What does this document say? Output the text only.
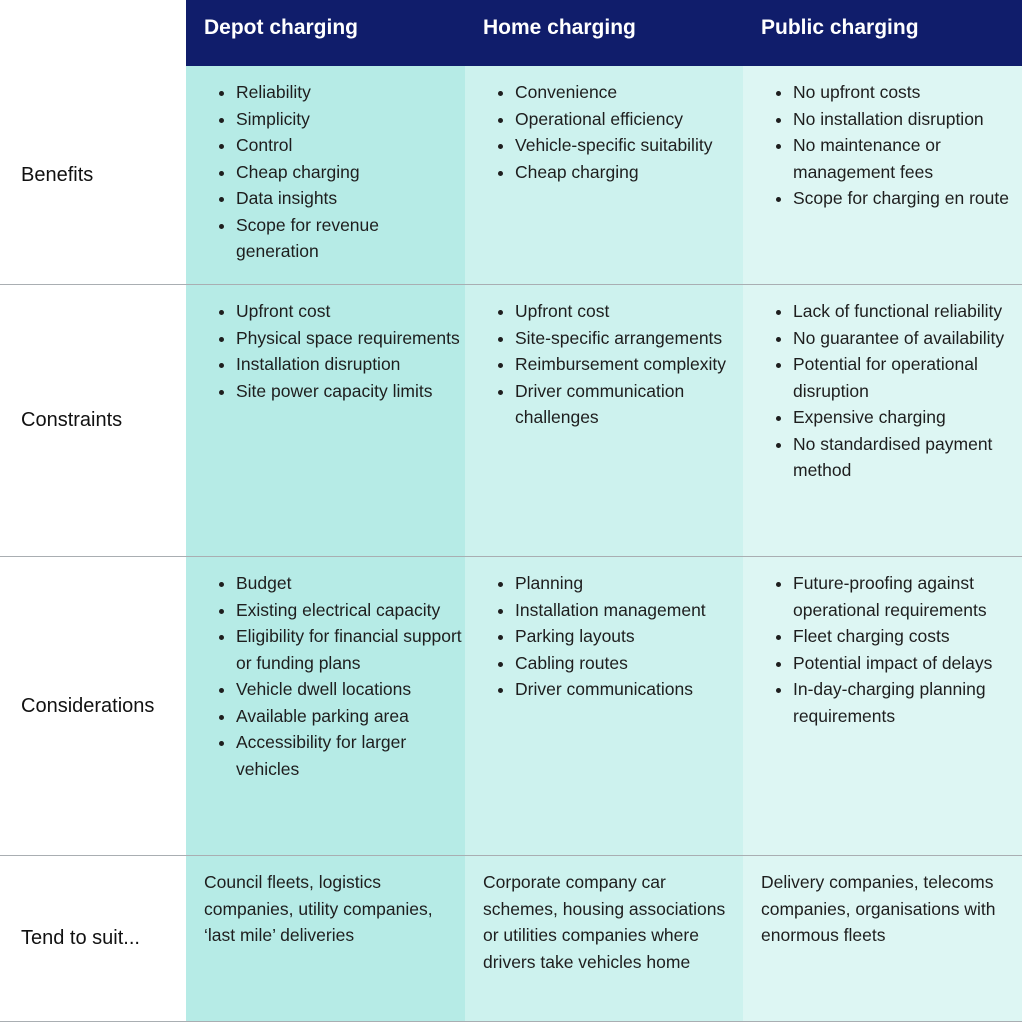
Depot charging	Home charging	Public charging
Benefits
• Reliability
• Simplicity
• Control
• Cheap charging
• Data insights
• Scope for revenue generation
• Convenience
• Operational efficiency
• Vehicle-specific suitability
• Cheap charging
• No upfront costs
• No installation disruption
• No maintenance or management fees
• Scope for charging en route
Constraints
• Upfront cost
• Physical space requirements
• Installation disruption
• Site power capacity limits
• Upfront cost
• Site-specific arrangements
• Reimbursement complexity
• Driver communication challenges
• Lack of functional reliability
• No guarantee of availability
• Potential for operational disruption
• Expensive charging
• No standardised payment method
Considerations
• Budget
• Existing electrical capacity
• Eligibility for financial support or funding plans
• Vehicle dwell locations
• Available parking area
• Accessibility for larger vehicles
• Planning
• Installation management
• Parking layouts
• Cabling routes
• Driver communications
• Future-proofing against operational requirements
• Fleet charging costs
• Potential impact of delays
• In-day-charging planning requirements
Tend to suit...
Council fleets, logistics companies, utility companies, ‘last mile’ deliveries
Corporate company car schemes, housing associations or utilities companies where drivers take vehicles home
Delivery companies, telecoms companies, organisations with enormous fleets
